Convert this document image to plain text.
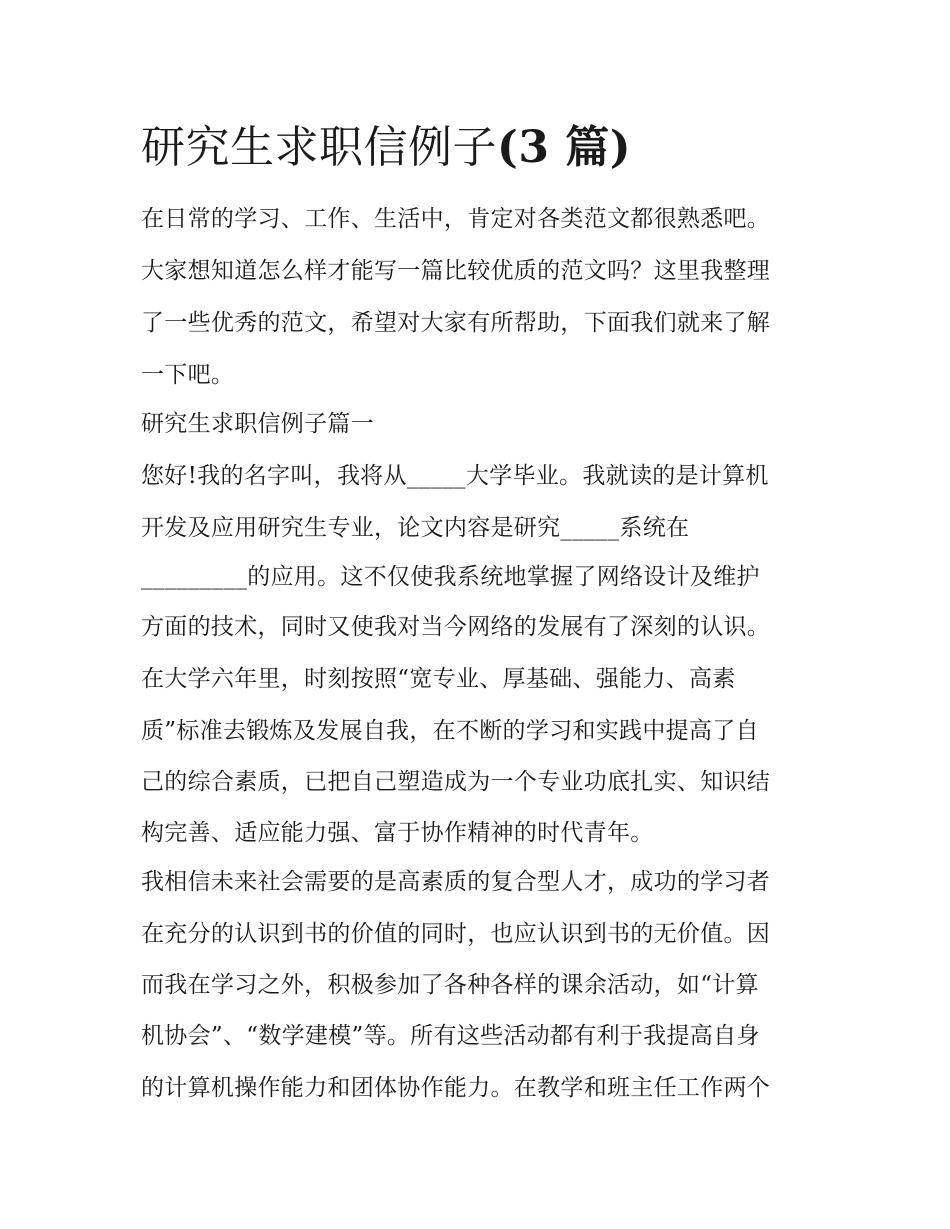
研究生求职信例子(3 篇)
在日常的学习、工作、生活中，肯定对各类范文都很熟悉吧。
大家想知道怎么样才能写一篇比较优质的范文吗？这里我整理
了一些优秀的范文，希望对大家有所帮助，下面我们就来了解
一下吧。
研究生求职信例子篇一
您好!我的名字叫，我将从_____大学毕业。我就读的是计算机
开发及应用研究生专业，论文内容是研究_____系统在
_________的应用。这不仅使我系统地掌握了网络设计及维护
方面的技术，同时又使我对当今网络的发展有了深刻的认识。
在大学六年里，时刻按照“宽专业、厚基础、强能力、高素
质”标准去锻炼及发展自我，在不断的学习和实践中提高了自
己的综合素质，已把自己塑造成为一个专业功底扎实、知识结
构完善、适应能力强、富于协作精神的时代青年。
我相信未来社会需要的是高素质的复合型人才，成功的学习者
在充分的认识到书的价值的同时，也应认识到书的无价值。因
而我在学习之外，积极参加了各种各样的课余活动，如“计算
机协会”、“数学建模”等。所有这些活动都有利于我提高自身
的计算机操作能力和团体协作能力。在教学和班主任工作两个
